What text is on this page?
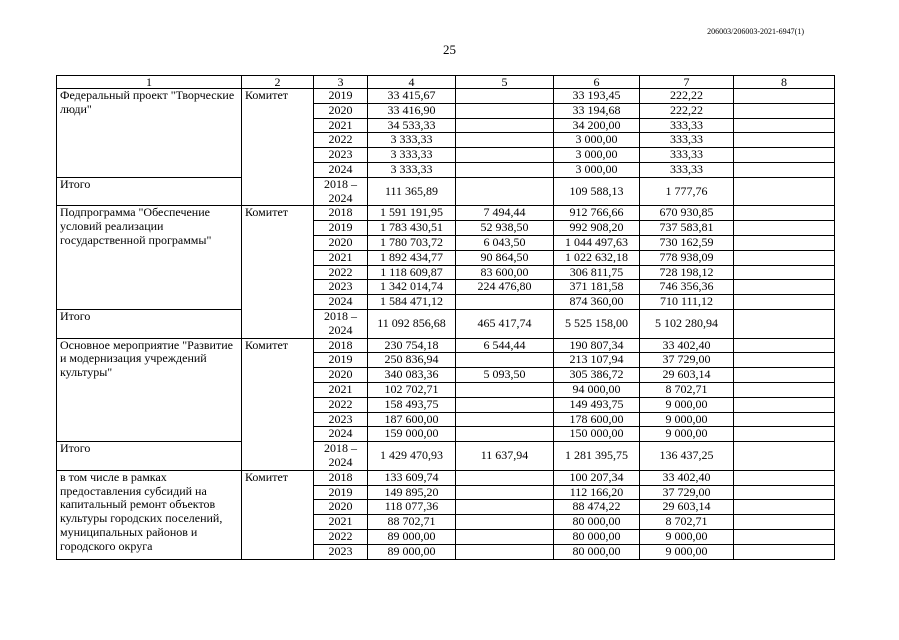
206003/206003-2021-6947(1)
25
1	2	3	4	5	6	7	8
Федеральный проект "Творческие люди"	Комитет	2019	33 415,67		33 193,45	222,22	
		2020	33 416,90		33 194,68	222,22	
		2021	34 533,33		34 200,00	333,33	
		2022	3 333,33		3 000,00	333,33	
		2023	3 333,33		3 000,00	333,33	
		2024	3 333,33		3 000,00	333,33	
Итого		2018 – 2024	111 365,89		109 588,13	1 777,76	
Подпрограмма "Обеспечение условий реализации государственной программы"	Комитет	2018	1 591 191,95	7 494,44	912 766,66	670 930,85	
		2019	1 783 430,51	52 938,50	992 908,20	737 583,81	
		2020	1 780 703,72	6 043,50	1 044 497,63	730 162,59	
		2021	1 892 434,77	90 864,50	1 022 632,18	778 938,09	
		2022	1 118 609,87	83 600,00	306 811,75	728 198,12	
		2023	1 342 014,74	224 476,80	371 181,58	746 356,36	
		2024	1 584 471,12		874 360,00	710 111,12	
Итого		2018 – 2024	11 092 856,68	465 417,74	5 525 158,00	5 102 280,94	
Основное мероприятие "Развитие и модернизация учреждений культуры"	Комитет	2018	230 754,18	6 544,44	190 807,34	33 402,40	
		2019	250 836,94		213 107,94	37 729,00	
		2020	340 083,36	5 093,50	305 386,72	29 603,14	
		2021	102 702,71		94 000,00	8 702,71	
		2022	158 493,75		149 493,75	9 000,00	
		2023	187 600,00		178 600,00	9 000,00	
		2024	159 000,00		150 000,00	9 000,00	
Итого		2018 – 2024	1 429 470,93	11 637,94	1 281 395,75	136 437,25	
в том числе в рамках предоставления субсидий на капитальный ремонт объектов культуры городских поселений, муниципальных районов и городского округа	Комитет	2018	133 609,74		100 207,34	33 402,40	
		2019	149 895,20		112 166,20	37 729,00	
		2020	118 077,36		88 474,22	29 603,14	
		2021	88 702,71		80 000,00	8 702,71	
		2022	89 000,00		80 000,00	9 000,00	
		2023	89 000,00		80 000,00	9 000,00	
